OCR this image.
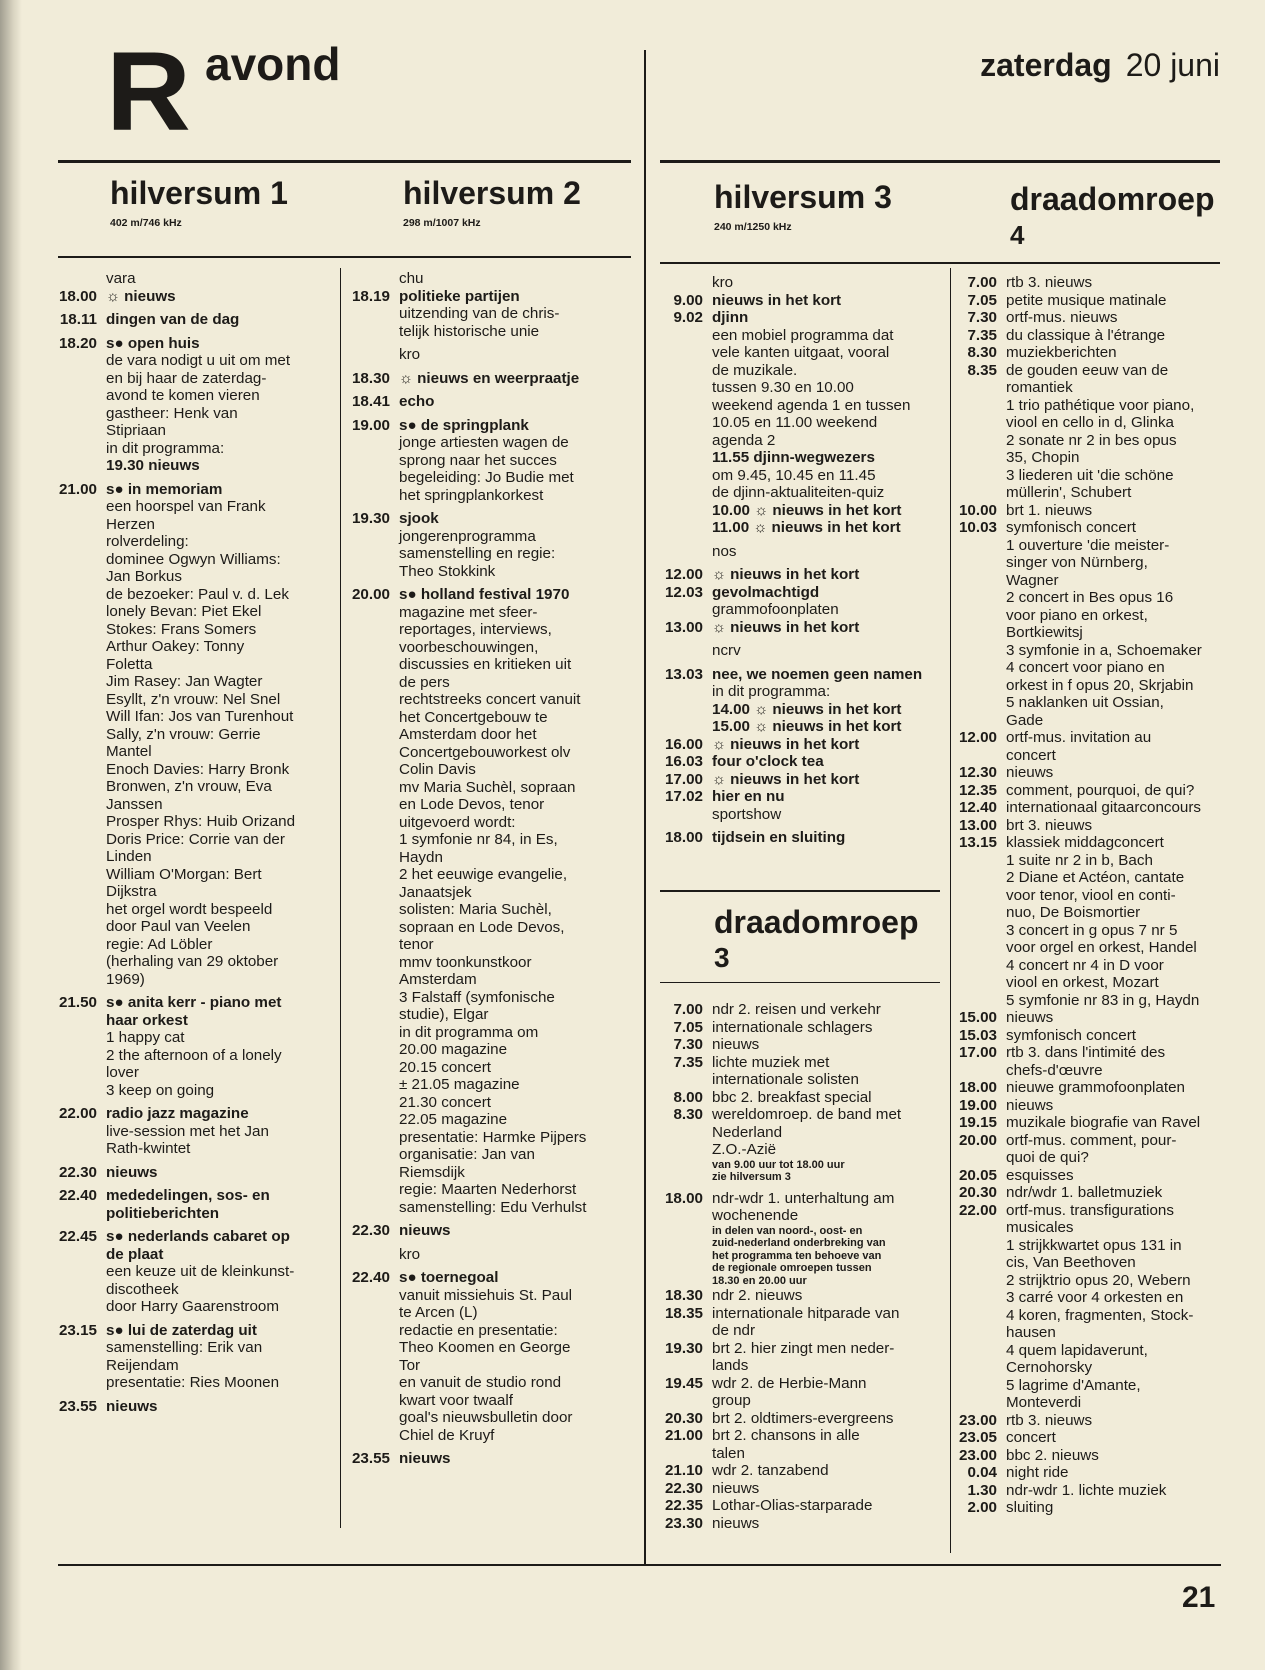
R avond	zaterdag 20 juni
hilversum 1
402 m/746 kHz
hilversum 2
298 m/1007 kHz
hilversum 3
240 m/1250 kHz
draadomroep
4
draadomroep
3
vara
18.00 ☼ nieuws
18.11 dingen van de dag
18.20 s● open huis
de vara nodigt u uit om met
en bij haar de zaterdag-
avond te komen vieren
gastheer: Henk van
Stipriaan
in dit programma:
19.30 nieuws
21.00 s● in memoriam
een hoorspel van Frank
Herzen
rolverdeling:
dominee Ogwyn Williams:
Jan Borkus
de bezoeker: Paul v. d. Lek
lonely Bevan: Piet Ekel
Stokes: Frans Somers
Arthur Oakey: Tonny
Foletta
Jim Rasey: Jan Wagter
Esyllt, z'n vrouw: Nel Snel
Will Ifan: Jos van Turenhout
Sally, z'n vrouw: Gerrie
Mantel
Enoch Davies: Harry Bronk
Bronwen, z'n vrouw, Eva
Janssen
Prosper Rhys: Huib Orizand
Doris Price: Corrie van der
Linden
William O'Morgan: Bert
Dijkstra
het orgel wordt bespeeld
door Paul van Veelen
regie: Ad Löbler
(herhaling van 29 oktober
1969)
21.50 s● anita kerr - piano met
haar orkest
1 happy cat
2 the afternoon of a lonely
lover
3 keep on going
22.00 radio jazz magazine
live-session met het Jan
Rath-kwintet
22.30 nieuws
22.40 mededelingen, sos- en
politieberichten
22.45 s● nederlands cabaret op
de plaat
een keuze uit de kleinkunst-
discotheek
door Harry Gaarenstroom
23.15 s● lui de zaterdag uit
samenstelling: Erik van
Reijendam
presentatie: Ries Moonen
23.55 nieuws
chu
18.19 politieke partijen
uitzending van de chris-
telijk historische unie
kro
18.30 ☼ nieuws en weerpraatje
18.41 echo
19.00 s● de springplank
jonge artiesten wagen de
sprong naar het succes
begeleiding: Jo Budie met
het springplankorkest
19.30 sjook
jongerenprogramma
samenstelling en regie:
Theo Stokkink
20.00 s● holland festival 1970
magazine met sfeer-
reportages, interviews,
voorbeschouwingen,
discussies en kritieken uit
de pers
rechtstreeks concert vanuit
het Concertgebouw te
Amsterdam door het
Concertgebouworkest olv
Colin Davis
mv Maria Suchèl, sopraan
en Lode Devos, tenor
uitgevoerd wordt:
1 symfonie nr 84, in Es,
Haydn
2 het eeuwige evangelie,
Janaatsjek
solisten: Maria Suchèl,
sopraan en Lode Devos,
tenor
mmv toonkunstkoor
Amsterdam
3 Falstaff (symfonische
studie), Elgar
in dit programma om
20.00 magazine
20.15 concert
± 21.05 magazine
21.30 concert
22.05 magazine
presentatie: Harmke Pijpers
organisatie: Jan van
Riemsdijk
regie: Maarten Nederhorst
samenstelling: Edu Verhulst
22.30 nieuws
kro
22.40 s● toernegoal
vanuit missiehuis St. Paul
te Arcen (L)
redactie en presentatie:
Theo Koomen en George
Tor
en vanuit de studio rond
kwart voor twaalf
goal's nieuwsbulletin door
Chiel de Kruyf
23.55 nieuws
kro
9.00 nieuws in het kort
9.02 djinn
een mobiel programma dat
vele kanten uitgaat, vooral
de muzikale.
tussen 9.30 en 10.00
weekend agenda 1 en tussen
10.05 en 11.00 weekend
agenda 2
11.55 djinn-wegwezers
om 9.45, 10.45 en 11.45
de djinn-aktualiteiten-quiz
10.00 ☼ nieuws in het kort
11.00 ☼ nieuws in het kort
nos
12.00 ☼ nieuws in het kort
12.03 gevolmachtigd
grammofoonplaten
13.00 ☼ nieuws in het kort
ncrv
13.03 nee, we noemen geen namen
in dit programma:
14.00 ☼ nieuws in het kort
15.00 ☼ nieuws in het kort
16.00 ☼ nieuws in het kort
16.03 four o'clock tea
17.00 ☼ nieuws in het kort
17.02 hier en nu
sportshow
18.00 tijdsein en sluiting
7.00 ndr 2. reisen und verkehr
7.05 internationale schlagers
7.30 nieuws
7.35 lichte muziek met
internationale solisten
8.00 bbc 2. breakfast special
8.30 wereldomroep. de band met
Nederland
Z.O.-Azië
van 9.00 uur tot 18.00 uur
zie hilversum 3
18.00 ndr-wdr 1. unterhaltung am
wochenende
in delen van noord-, oost- en
zuid-nederland onderbreking van
het programma ten behoeve van
de regionale omroepen tussen
18.30 en 20.00 uur
18.30 ndr 2. nieuws
18.35 internationale hitparade van
de ndr
19.30 brt 2. hier zingt men neder-
lands
19.45 wdr 2. de Herbie-Mann
group
20.30 brt 2. oldtimers-evergreens
21.00 brt 2. chansons in alle
talen
21.10 wdr 2. tanzabend
22.30 nieuws
22.35 Lothar-Olias-starparade
23.30 nieuws
7.00 rtb 3. nieuws
7.05 petite musique matinale
7.30 ortf-mus. nieuws
7.35 du classique à l'étrange
8.30 muziekberichten
8.35 de gouden eeuw van de
romantiek
1 trio pathétique voor piano,
viool en cello in d, Glinka
2 sonate nr 2 in bes opus
35, Chopin
3 liederen uit 'die schöne
müllerin', Schubert
10.00 brt 1. nieuws
10.03 symfonisch concert
1 ouverture 'die meister-
singer von Nürnberg,
Wagner
2 concert in Bes opus 16
voor piano en orkest,
Bortkiewitsj
3 symfonie in a, Schoemaker
4 concert voor piano en
orkest in f opus 20, Skrjabin
5 naklanken uit Ossian,
Gade
12.00 ortf-mus. invitation au
concert
12.30 nieuws
12.35 comment, pourquoi, de qui?
12.40 internationaal gitaarconcours
13.00 brt 3. nieuws
13.15 klassiek middagconcert
1 suite nr 2 in b, Bach
2 Diane et Actéon, cantate
voor tenor, viool en conti-
nuo, De Boismortier
3 concert in g opus 7 nr 5
voor orgel en orkest, Handel
4 concert nr 4 in D voor
viool en orkest, Mozart
5 symfonie nr 83 in g, Haydn
15.00 nieuws
15.03 symfonisch concert
17.00 rtb 3. dans l'intimité des
chefs-d'œuvre
18.00 nieuwe grammofoonplaten
19.00 nieuws
19.15 muzikale biografie van Ravel
20.00 ortf-mus. comment, pour-
quoi de qui?
20.05 esquisses
20.30 ndr/wdr 1. balletmuziek
22.00 ortf-mus. transfigurations
musicales
1 strijkkwartet opus 131 in
cis, Van Beethoven
2 strijktrio opus 20, Webern
3 carré voor 4 orkesten en
4 koren, fragmenten, Stock-
hausen
4 quem lapidaverunt,
Cernohorsky
5 lagrime d'Amante,
Monteverdi
23.00 rtb 3. nieuws
23.05 concert
23.00 bbc 2. nieuws
0.04 night ride
1.30 ndr-wdr 1. lichte muziek
2.00 sluiting
21
